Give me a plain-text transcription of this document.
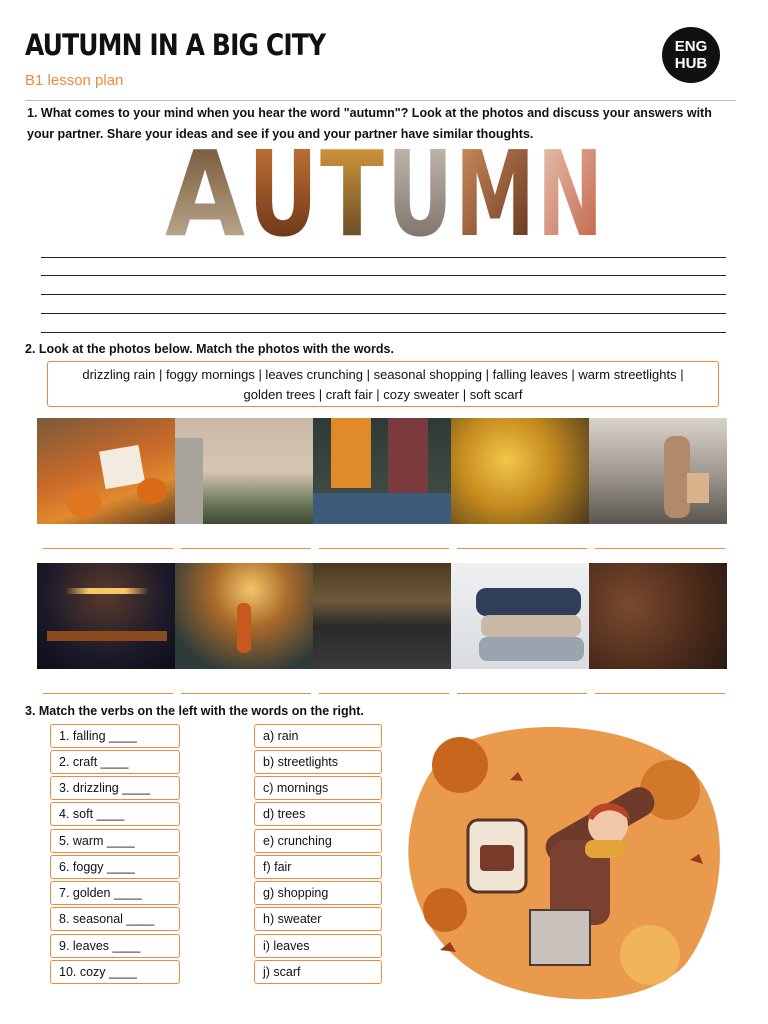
AUTUMN IN A BIG CITY
B1 lesson plan
ENG
HUB
1. What comes to your mind when you hear the word "autumn"? Look at the photos and discuss your answers with your partner. Share your ideas and see if you and your partner have similar thoughts.
A U T U M N
2. Look at the photos below. Match the photos with the words.
drizzling rain | foggy mornings | leaves crunching | seasonal shopping | falling leaves | warm streetlights |
golden trees | craft fair | cozy sweater | soft scarf
3. Match the verbs on the left with the words on the right.
1. falling ____
2. craft ____
3. drizzling ____
4. soft ____
5. warm ____
6. foggy ____
7. golden ____
8. seasonal ____
9. leaves ____
10. cozy ____
a) rain
b) streetlights
c) mornings
d) trees
e) crunching
f) fair
g) shopping
h) sweater
i) leaves
j) scarf
